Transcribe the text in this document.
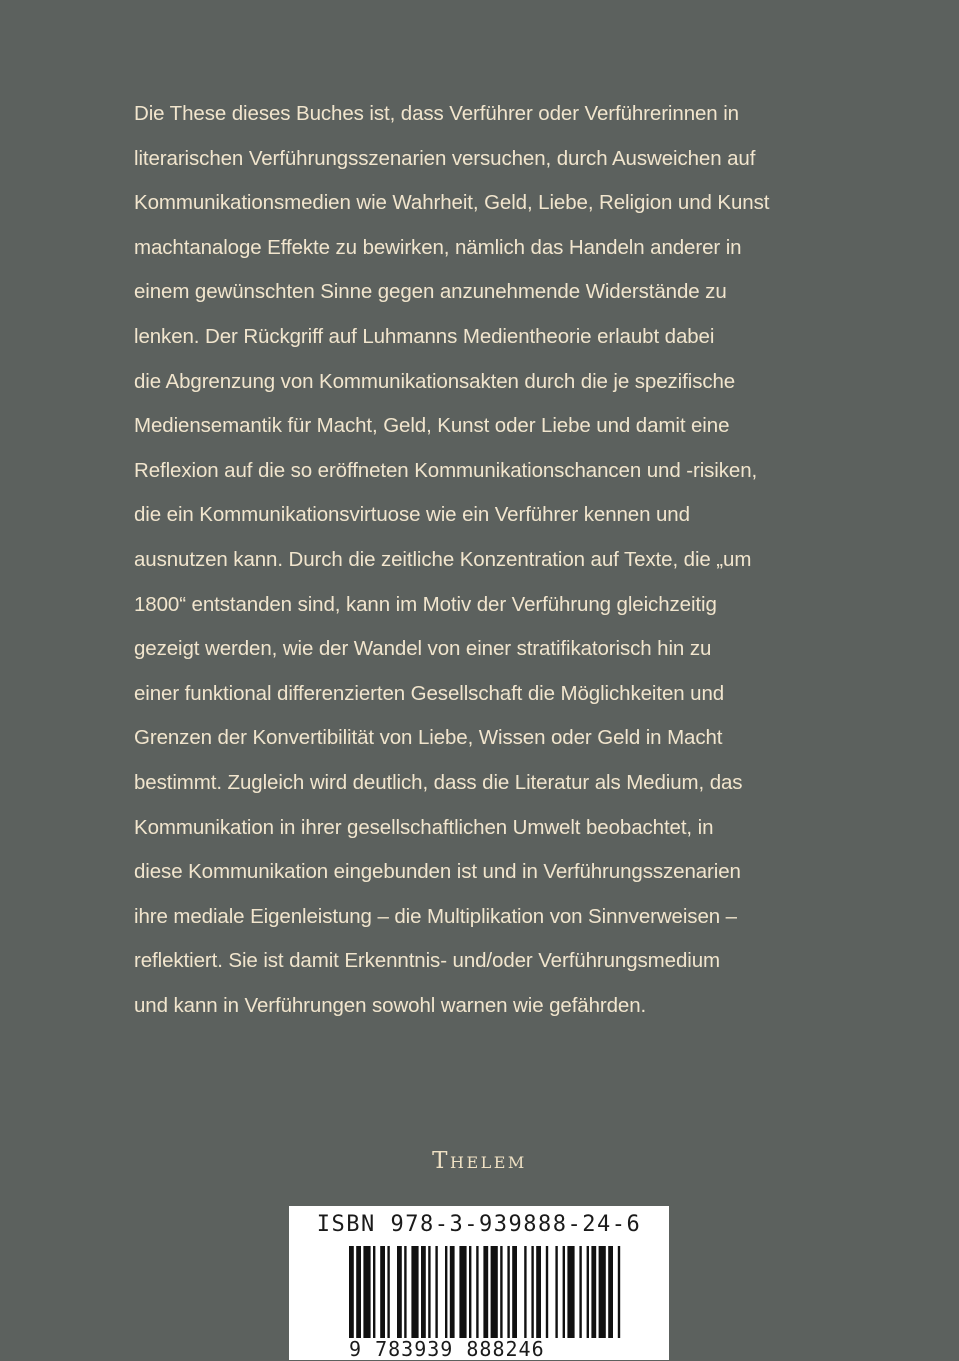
Die These dieses Buches ist, dass Verführer oder Verführerinnen in
literarischen Verführungsszenarien versuchen, durch Ausweichen auf
Kommunikationsmedien wie Wahrheit, Geld, Liebe, Religion und Kunst
machtanaloge Effekte zu bewirken, nämlich das Handeln anderer in
einem gewünschten Sinne gegen anzunehmende Widerstände zu
lenken. Der Rückgriff auf Luhmanns Medientheorie erlaubt dabei
die Abgrenzung von Kommunikationsakten durch die je spezifische
Mediensemantik für Macht, Geld, Kunst oder Liebe und damit eine
Reflexion auf die so eröffneten Kommunikationschancen und -risiken,
die ein Kommunikationsvirtuose wie ein Verführer kennen und
ausnutzen kann. Durch die zeitliche Konzentration auf Texte, die „um
1800“ entstanden sind, kann im Motiv der Verführung gleichzeitig
gezeigt werden, wie der Wandel von einer stratifikatorisch hin zu
einer funktional differenzierten Gesellschaft die Möglichkeiten und
Grenzen der Konvertibilität von Liebe, Wissen oder Geld in Macht
bestimmt. Zugleich wird deutlich, dass die Literatur als Medium, das
Kommunikation in ihrer gesellschaftlichen Umwelt beobachtet, in
diese Kommunikation eingebunden ist und in Verführungsszenarien
ihre mediale Eigenleistung – die Multiplikation von Sinnverweisen –
reflektiert. Sie ist damit Erkenntnis- und/oder Verführungsmedium
und kann in Verführungen sowohl warnen wie gefährden.
Thelem
ISBN 978-3-939888-24-6
9 783939 888246
